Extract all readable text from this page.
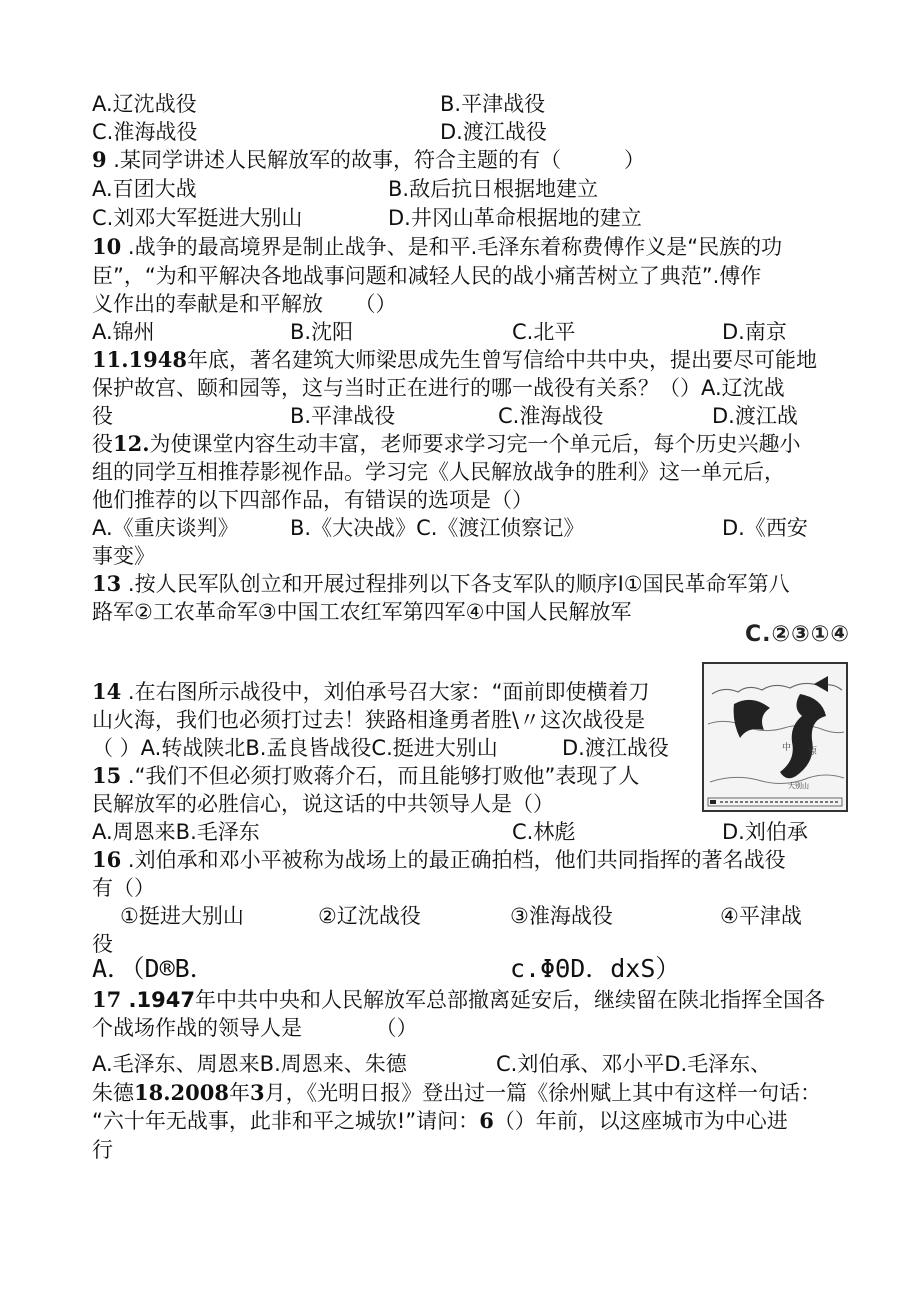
A.辽沈战役	B.平津战役
C.淮海战役	D.渡江战役
9 .某同学讲述人民解放军的故事，符合主题的有（　　　）
A.百团大战	B.敌后抗日根据地建立
C.刘邓大军挺进大别山	D.井冈山革命根据地的建立
10 .战争的最高境界是制止战争、是和平.毛泽东着称费傅作义是“民族的功
臣”，“为和平解决各地战事问题和减轻人民的战小痛苦树立了典范”.傅作
义作出的奉献是和平解放　　（）
A.锦州	B.沈阳	C.北平	D.南京
11.1948年底，著名建筑大师梁思成先生曾写信给中共中央，提出要尽可能地
保护故宫、颐和园等，这与当时正在进行的哪一战役有关系？（）A.辽沈战
役	B.平津战役	C.淮海战役	D.渡江战
役12.为使课堂内容生动丰富，老师要求学习完一个单元后，每个历史兴趣小
组的同学互相推荐影视作品。学习完《人民解放战争的胜利》这一单元后，
他们推荐的以下四部作品，有错误的选项是（）
A.《重庆谈判》 B.《大决战》C.《渡江侦察记》	D.《西安
事变》
13 .按人民军队创立和开展过程排列以下各支军队的顺序I①国民革命军第八
路军②工农革命军③中国工农红军第四军④中国人民解放军
C.②③①④
14 .在右图所示战役中，刘伯承号召大家：“面前即使横着刀
山火海，我们也必须打过去！狭路相逢勇者胜\〃这次战役是
（ ）A.转战陕北B.孟良皆战役C.挺进大别山	D.渡江战役	中 原
大别山
15 .“我们不但必须打败蒋介石，而且能够打败他”表现了人
民解放军的必胜信心，说这话的中共领导人是（）
A.周恩来B.毛泽东	C.林彪	D.刘伯承
16 .刘伯承和邓小平被称为战场上的最正确拍档，他们共同指挥的著名战役
有（）
①挺进大别山	②辽沈战役	③淮海战役	④平津战
役
A．（D®B．	c.ΦΘD．dxS）
17 .1947年中共中央和人民解放军总部撤离延安后，继续留在陕北指挥全国各
个战场作战的领导人是　　　　（）
A.毛泽东、周恩来B.周恩来、朱德	C.刘伯承、邓小平D.毛泽东、
朱德18.2008年3月，《光明日报》登出过一篇《徐州赋上其中有这样一句话：
“六十年无战事，此非和平之城欤!”请问：6（）年前，以这座城市为中心进
行
